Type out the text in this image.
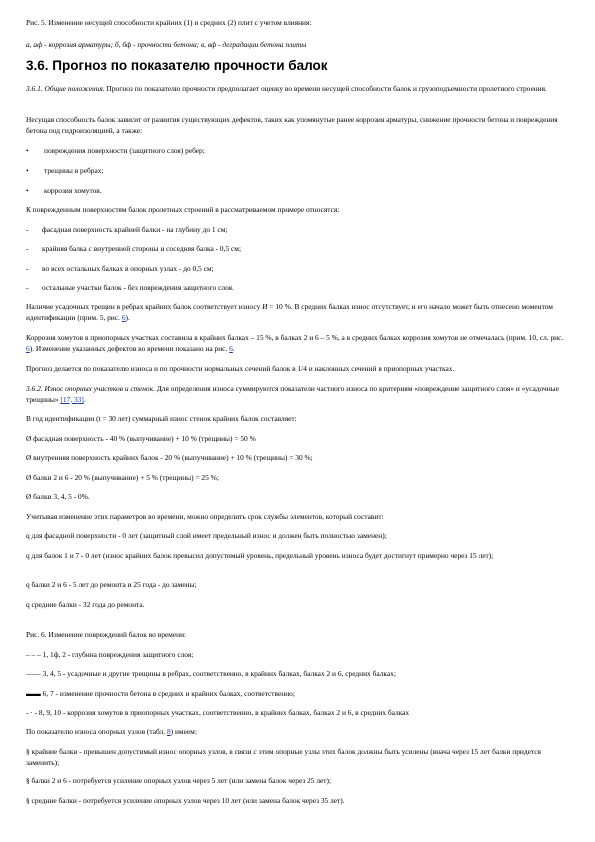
Рис. 5. Изменение несущей способности крайних (1) и средних (2) плит с учетом влияния:

а, аф - коррозия арматуры; б, бф - прочности бетона; в, вф - деградации бетона плиты

3.6. Прогноз по показателю прочности балок

3.6.1. Общие положения. Прогноз по показателю прочности предполагает оценку во времени несущей способности балок и грузоподъемности пролетного строения.

Несущая способность балок зависит от развития существующих дефектов, таких как упомянутые ранее коррозия арматуры, снижение прочности бетона и повреждения бетона под гидроизоляцией, а также:

• повреждения поверхности (защитного слоя) ребер;
• трещины в ребрах;
• коррозия хомутов.

К поврежденным поверхностям балок пролетных строений в рассматриваемом примере относятся:

- фасадная поверхность крайней балки - на глубину до 1 см;
- крайняя балка с внутренней стороны и соседняя балка - 0,5 см;
- во всех остальных балках в опорных узлах - до 0,5 см;
- остальные участки балок - без повреждения защитного слоя.

Наличие усадочных трещин в ребрах крайних балок соответствует износу И = 10 %. В средних балках износ отсутствует, и его начало может быть отнесено моментом идентификации (прим. 5, рис. 6).

Коррозия хомутов в приопорных участках составила в крайних балках – 15 %, в балках 2 и 6 – 5 %, а в средних балках коррозия хомутов не отмечалась (прим. 10, сл. рис. 6). Изменение указанных дефектов во времени показано на рис. 6.

Прогноз делается по показателю износа и по прочности нормальных сечений балок в 1/4 и наклонных сечений в приопорных участках.

3.6.2. Износ опорных участков и стенок. Для определения износа суммируются показатели частного износа по критериям «повреждение защитного слоя» и «усадочные трещины» [17, 33].

В год идентификации (t = 30 лет) суммарный износ стенок крайних балок составляет:

Ø фасадная поверхность - 40 % (выпучивание) + 10 % (трещины) = 50 %

Ø внутренняя поверхность крайних балок - 20 % (выпучивание) + 10 % (трещины) = 30 %;

Ø балки 2 и 6 - 20 % (выпучивание) + 5 % (трещины) = 25 %;

Ø балки 3, 4, 5 - 0%.

Учитывая изменение этих параметров во времени, можно определить срок службы элементов, который составит:

q для фасадной поверхности - 0 лет (защитный слой имеет предельный износ и должен быть полностью заменен);

q для балок 1 и 7 - 0 лет (износ крайних балок превысил допустимый уровень, предельный уровень износа будет достигнут примерно через 15 лет);

q балки 2 и 6 - 5 лет до ремонта и 25 года - до замены;

q средние балки - 32 года до ремонта.

Рис. 6. Изменение повреждений балок во времени:

– – – 1, 1ф, 2 - глубина повреждения защитного слоя;

—— 3, 4, 5 - усадочные и другие трещины в ребрах, соответственно, в крайних балках, балках 2 и 6, средних балках;

▬▬ 6, 7 - изменение прочности бетона в средних и крайних балках, соответственно;

- · - 8, 9, 10 - коррозия хомутов в приопорных участках, соответственно, в крайних балках, балках 2 и 6, в средних балках

По показателю износа опорных узлов (табл. 8) имеем:

§ крайние балки - превышен допустимый износ опорных узлов, в связи с этим опорные узлы этих балок должны быть усилены (внача через 15 лет балки придется заменить);

§ балки 2 и 6 - потребуется усиление опорных узлов через 5 лет (или замена балок через 25 лет);

§ средние балки - потребуется усиление опорных узлов через 10 лет (или замена балок через 35 лет).
